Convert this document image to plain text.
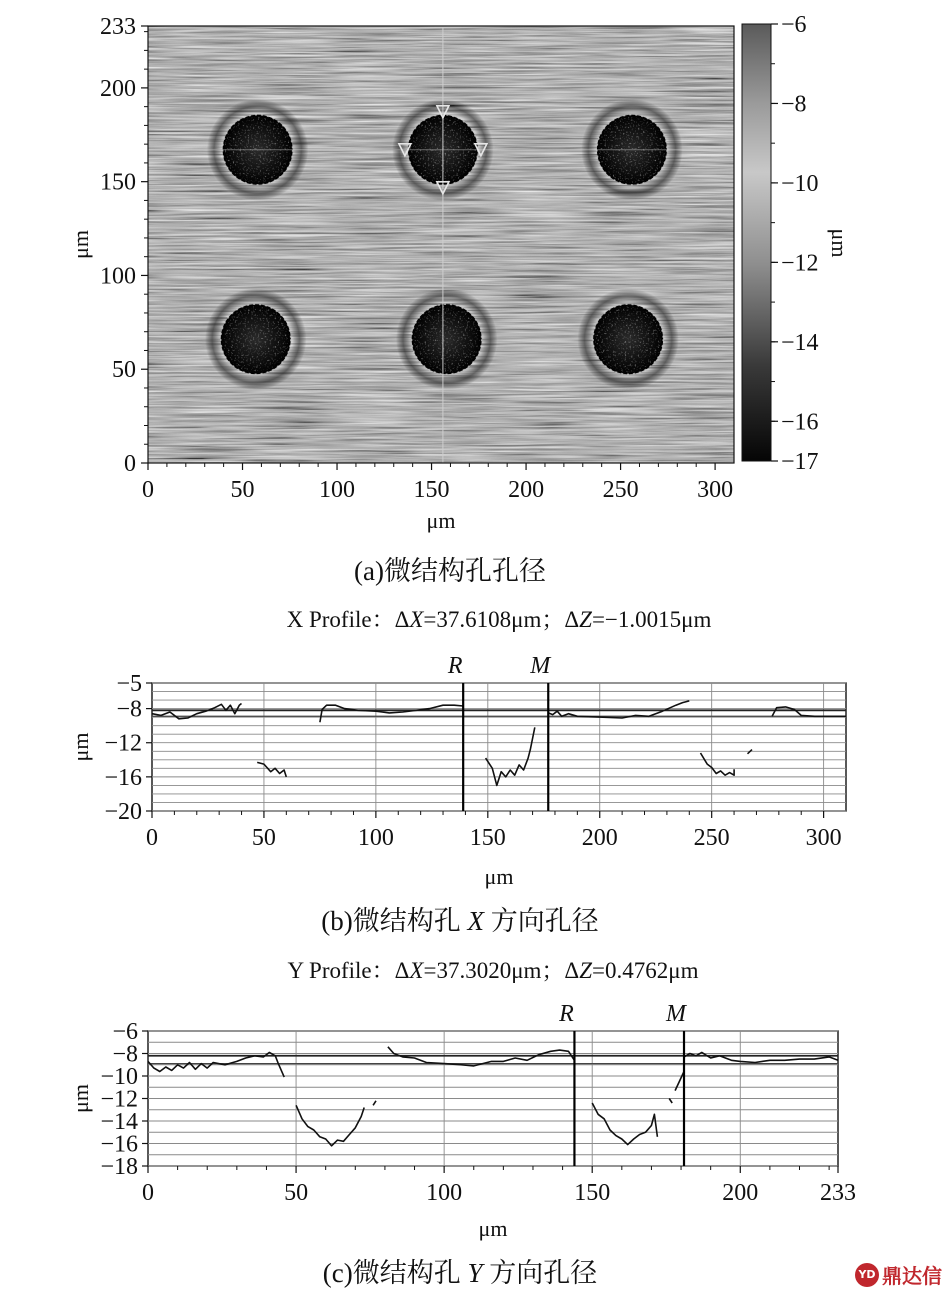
0	50	100 150 200 250 300
0
50
100
150
200
233	−6
−8
−10
−12
−14
−16
−17
μm
μm
μm
(a)微结构孔孔径
X Profile：ΔX=37.6108μm；ΔZ=−1.0015μm
R	M
0	50	100	150	200	250	300
−5
−8
−12
−16
−20
μm
μm
(b)微结构孔 X 方向孔径
Y Profile：ΔX=37.3020μm；ΔZ=0.4762μm
R	M
0	50	100	150	200	233
−6
−8
−10
−12
−14
−16
−18
μm
μm
(c)微结构孔 Y 方向孔径	YD 鼎达信
